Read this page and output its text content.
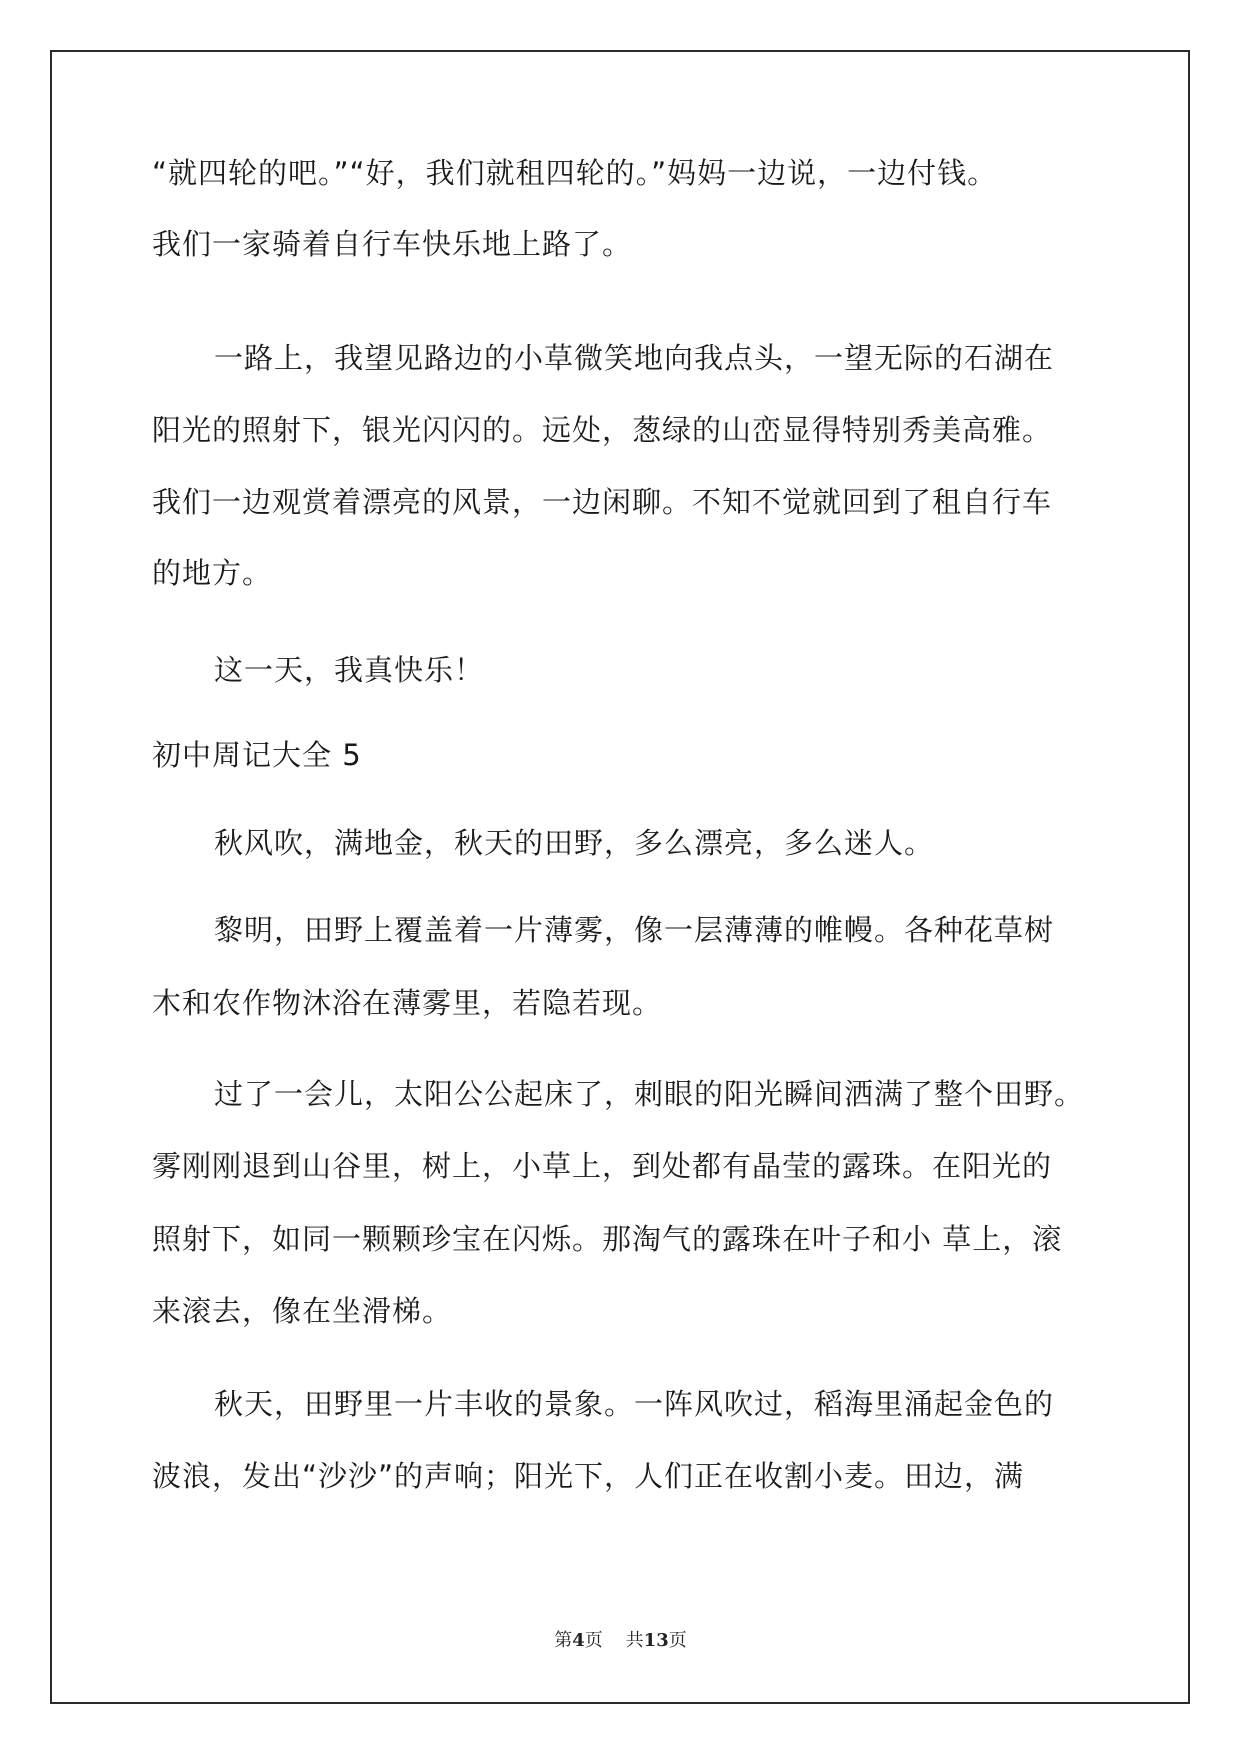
“就四轮的吧。”“好，我们就租四轮的。”妈妈一边说，一边付钱。
我们一家骑着自行车快乐地上路了。
一路上，我望见路边的小草微笑地向我点头，一望无际的石湖在
阳光的照射下，银光闪闪的。远处，葱绿的山峦显得特别秀美高雅。
我们一边观赏着漂亮的风景，一边闲聊。不知不觉就回到了租自行车
的地方。
这一天，我真快乐！
初中周记大全 5
秋风吹，满地金，秋天的田野，多么漂亮，多么迷人。
黎明，田野上覆盖着一片薄雾，像一层薄薄的帷幔。各种花草树
木和农作物沐浴在薄雾里，若隐若现。
过了一会儿，太阳公公起床了，刺眼的阳光瞬间洒满了整个田野。
雾刚刚退到山谷里，树上，小草上，到处都有晶莹的露珠。在阳光的
照射下，如同一颗颗珍宝在闪烁。那淘气的露珠在叶子和小 草上，滚
来滚去，像在坐滑梯。
秋天，田野里一片丰收的景象。一阵风吹过，稻海里涌起金色的
波浪，发出“沙沙”的声响；阳光下，人们正在收割小麦。田边，满
第4页 共13页
